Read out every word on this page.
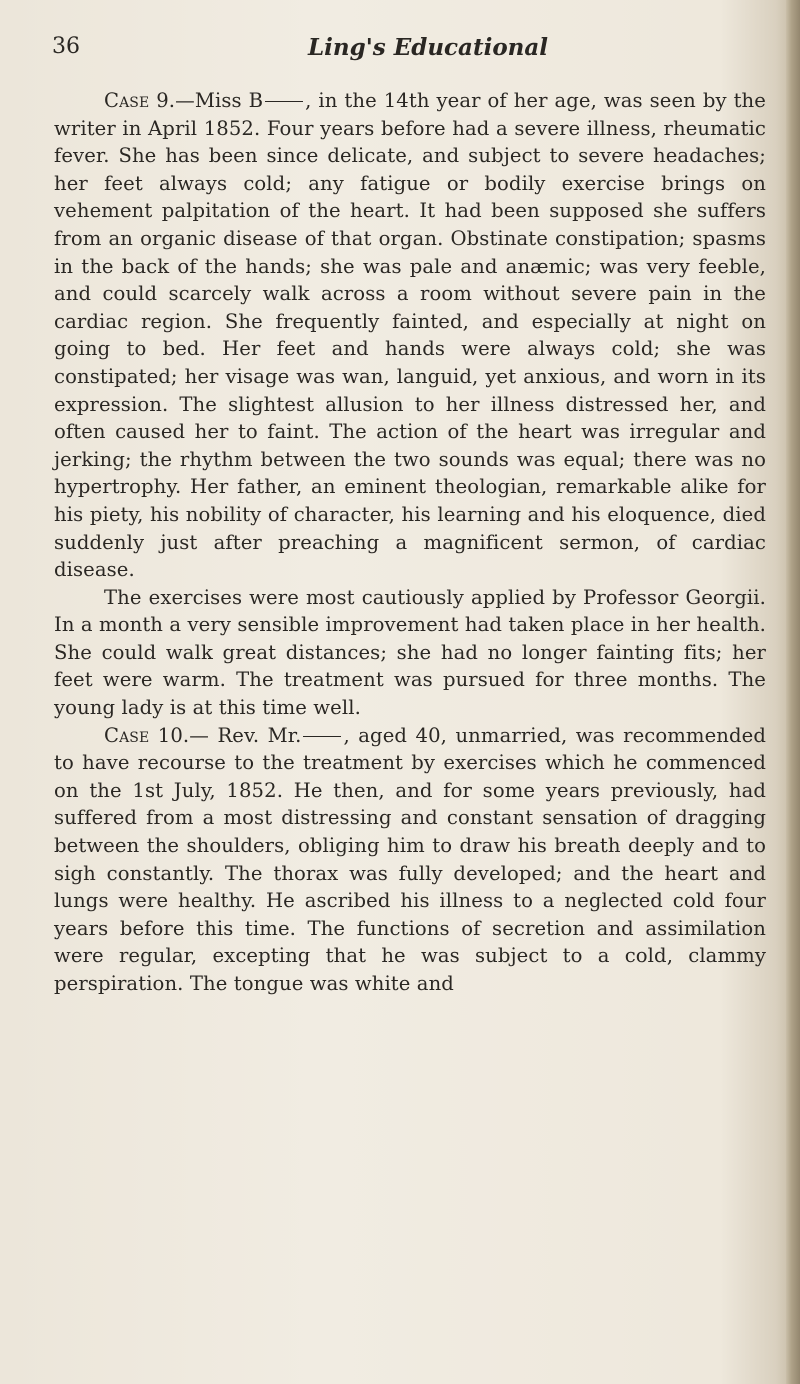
36	Ling's Educational

Case 9.—Miss B , in the 14th year of her age, was seen by the writer in April 1852. Four years before had a severe illness, rheumatic fever. She has been since delicate, and subject to severe headaches; her feet always cold; any fatigue or bodily exercise brings on vehement palpitation of the heart. It had been supposed she suffers from an organic disease of that organ. Obstinate constipation; spasms in the back of the hands; she was pale and anæmic; was very feeble, and could scarcely walk across a room without severe pain in the cardiac region. She frequently fainted, and especially at night on going to bed. Her feet and hands were always cold; she was constipated; her visage was wan, languid, yet anxious, and worn in its expression. The slightest allusion to her illness distressed her, and often caused her to faint. The action of the heart was irregular and jerking; the rhythm between the two sounds was equal; there was no hypertrophy. Her father, an eminent theologian, remarkable alike for his piety, his nobility of character, his learning and his eloquence, died suddenly just after preaching a magnificent sermon, of cardiac disease.

The exercises were most cautiously applied by Professor Georgii. In a month a very sensible improvement had taken place in her health. She could walk great distances; she had no longer fainting fits; her feet were warm. The treatment was pursued for three months. The young lady is at this time well.

Case 10.— Rev. Mr. , aged 40, unmarried, was recommended to have recourse to the treatment by exercises which he commenced on the 1st July, 1852. He then, and for some years previously, had suffered from a most distressing and constant sensation of dragging between the shoulders, obliging him to draw his breath deeply and to sigh constantly. The thorax was fully developed; and the heart and lungs were healthy. He ascribed his illness to a neglected cold four years before this time. The functions of secretion and assimilation were regular, excepting that he was subject to a cold, clammy perspiration. The tongue was white and
